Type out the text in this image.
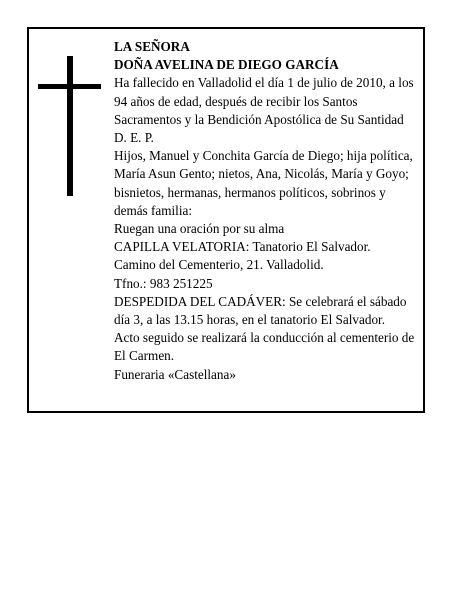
LA SEÑORA

DOÑA AVELINA DE DIEGO GARCÍA

Ha fallecido en Valladolid el día 1 de julio de 2010, a los 94 años de edad, después de recibir los Santos Sacramentos y la Bendición Apostólica de Su Santidad D. E. P.

Hijos, Manuel y Conchita García de Diego; hija política, María Asun Gento; nietos, Ana, Nicolás, María y Goyo; bisnietos, hermanas, hermanos políticos, sobrinos y demás familia:

Ruegan una oración por su alma

CAPILLA VELATORIA: Tanatorio El Salvador.

Camino del Cementerio, 21. Valladolid.

Tfno.: 983 251225

DESPEDIDA DEL CADÁVER: Se celebrará el sábado día 3, a las 13.15 horas, en el tanatorio El Salvador.

Acto seguido se realizará la conducción al cementerio de El Carmen.

Funeraria «Castellana»
